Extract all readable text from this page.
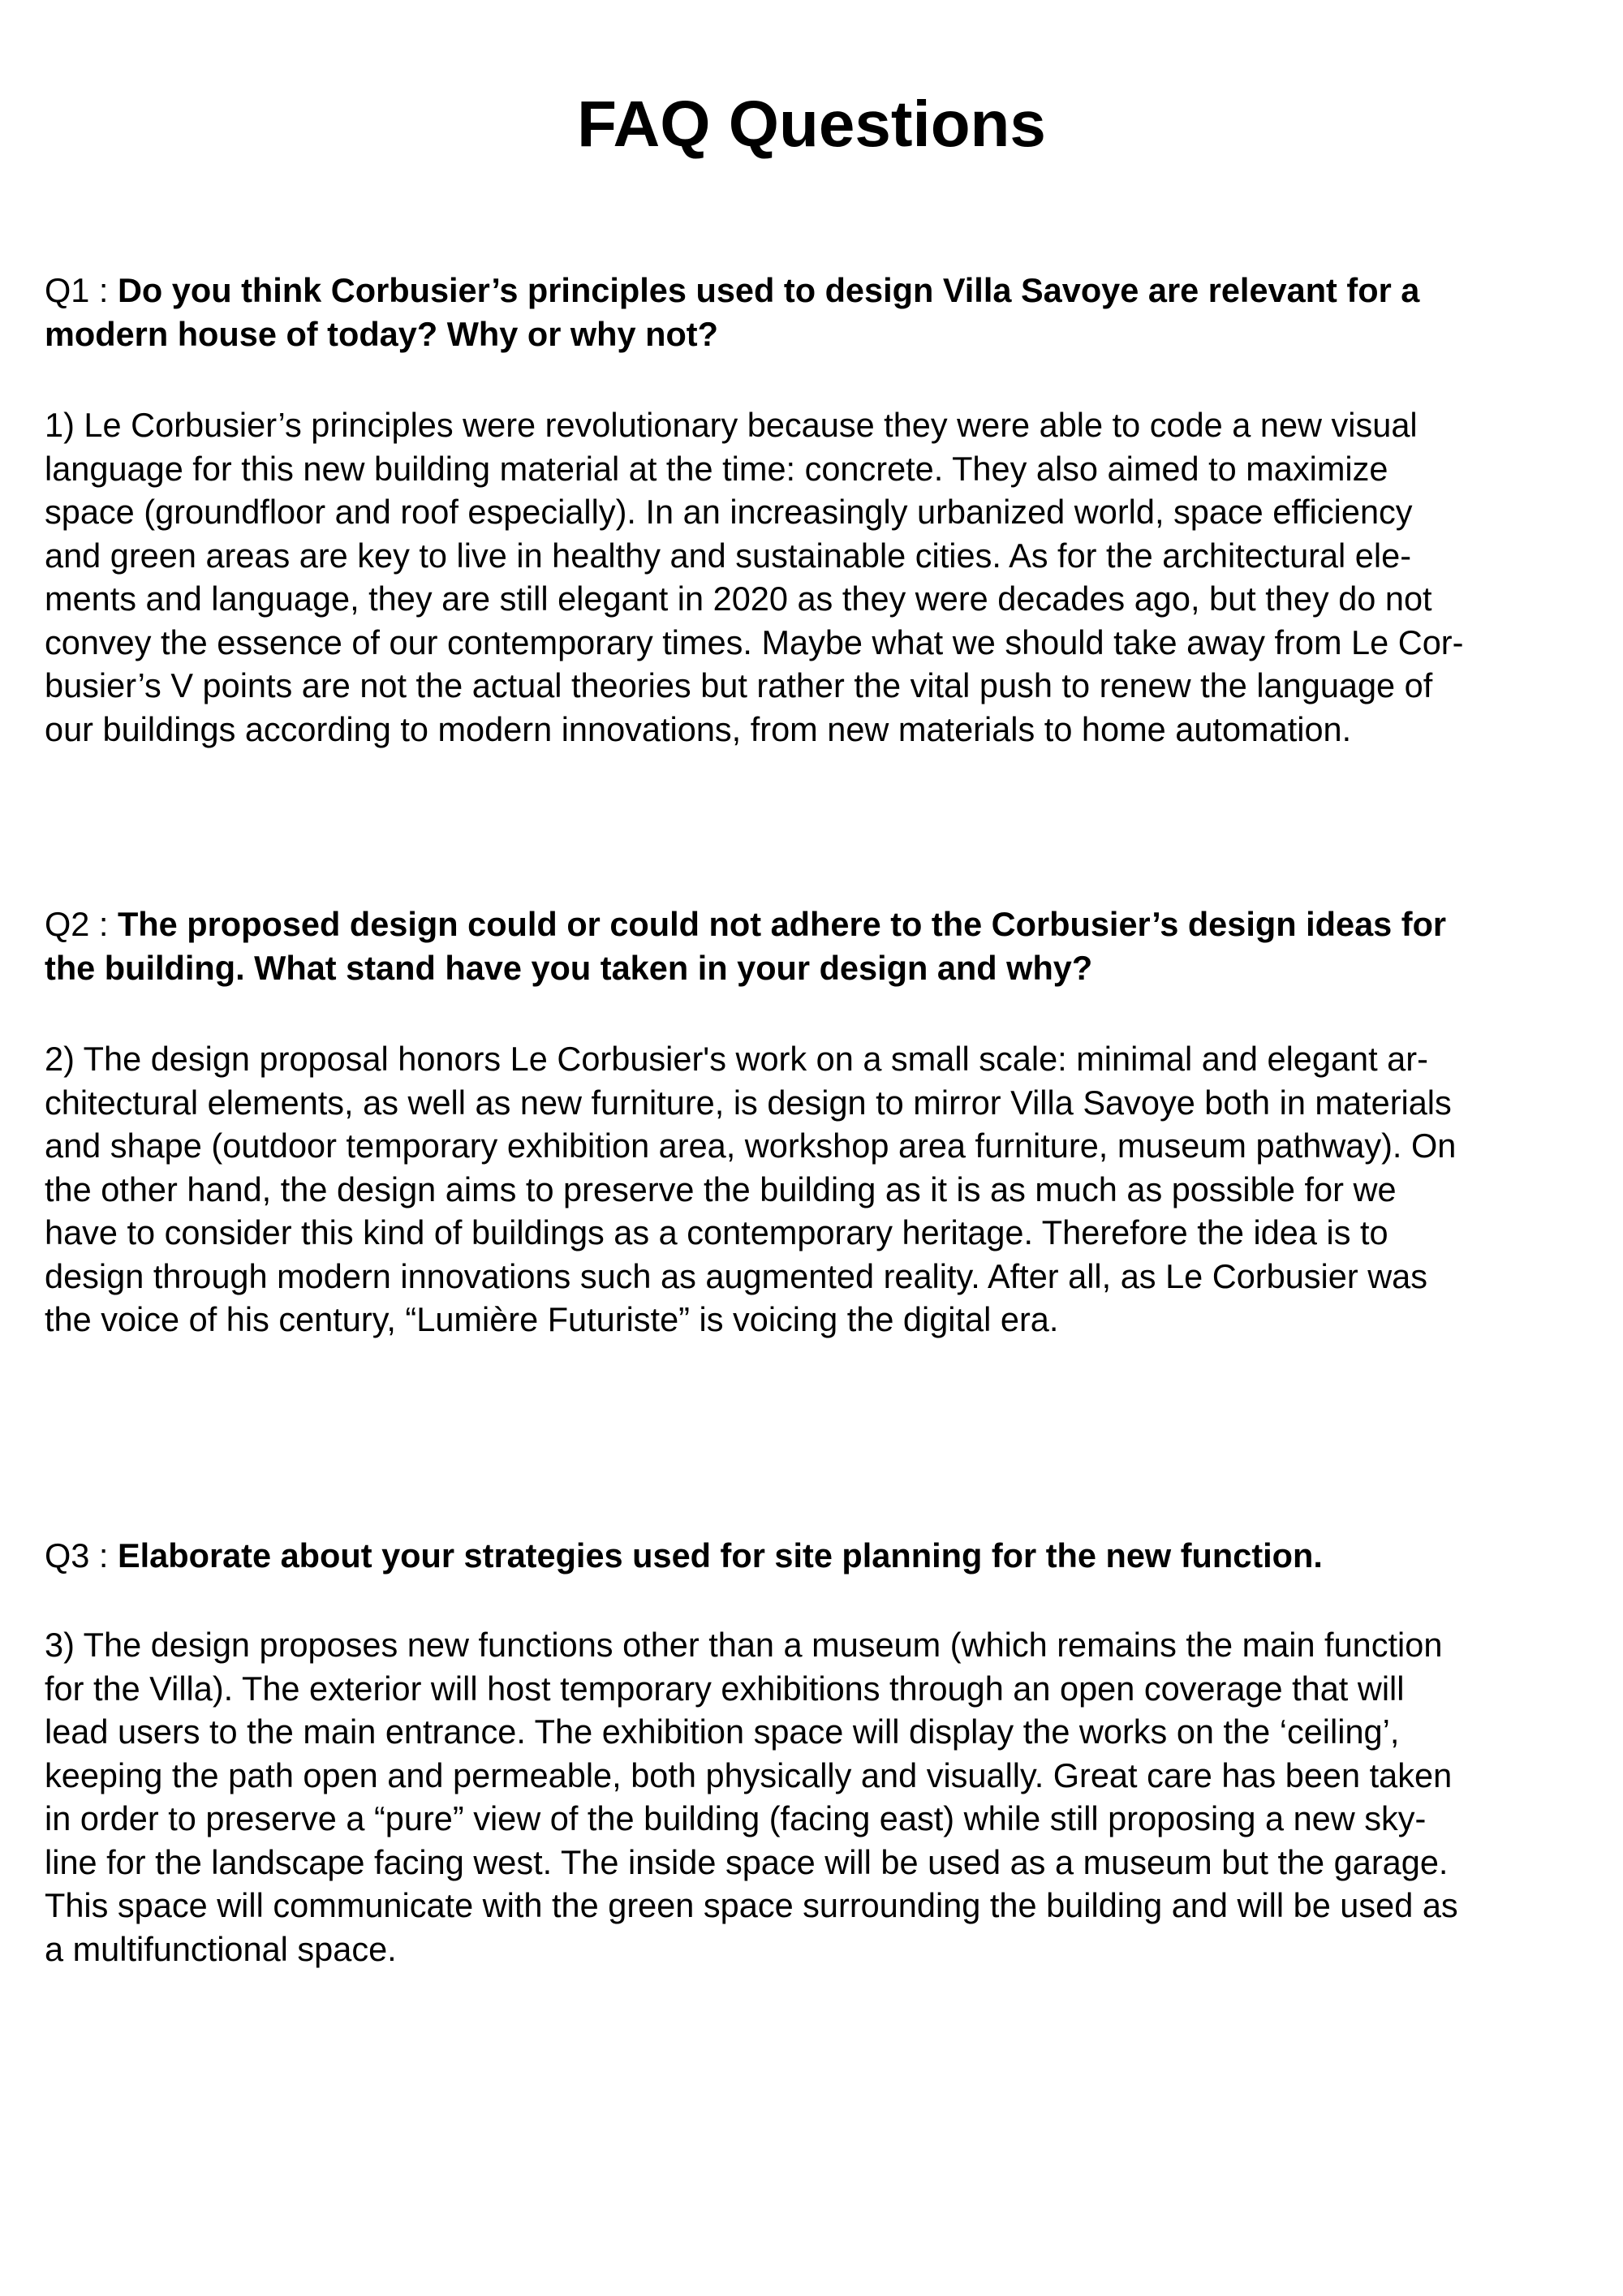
FAQ Questions

Q1 : Do you think Corbusier’s principles used to design Villa Savoye are relevant for a
modern house of today? Why or why not?

1) Le Corbusier’s principles were revolutionary because they were able to code a new visual
language for this new building material at the time: concrete. They also aimed to maximize
space (groundfloor and roof especially). In an increasingly urbanized world, space efficiency
and green areas are key to live in healthy and sustainable cities. As for the architectural ele-
ments and language, they are still elegant in 2020 as they were decades ago, but they do not
convey the essence of our contemporary times. Maybe what we should take away from Le Cor-
busier’s V points are not the actual theories but rather the vital push to renew the language of
our buildings according to modern innovations, from new materials to home automation.

Q2 : The proposed design could or could not adhere to the Corbusier’s design ideas for
the building. What stand have you taken in your design and why?

2) The design proposal honors Le Corbusier's work on a small scale: minimal and elegant ar-
chitectural elements, as well as new furniture, is design to mirror Villa Savoye both in materials
and shape (outdoor temporary exhibition area, workshop area furniture, museum pathway). On
the other hand, the design aims to preserve the building as it is as much as possible for we
have to consider this kind of buildings as a contemporary heritage. Therefore the idea is to
design through modern innovations such as augmented reality. After all, as Le Corbusier was
the voice of his century, “Lumière Futuriste” is voicing the digital era.

Q3 : Elaborate about your strategies used for site planning for the new function.

3) The design proposes new functions other than a museum (which remains the main function
for the Villa). The exterior will host temporary exhibitions through an open coverage that will
lead users to the main entrance. The exhibition space will display the works on the ‘ceiling’,
keeping the path open and permeable, both physically and visually. Great care has been taken
in order to preserve a “pure” view of the building (facing east) while still proposing a new sky-
line for the landscape facing west. The inside space will be used as a museum but the garage.
This space will communicate with the green space surrounding the building and will be used as
a multifunctional space.
